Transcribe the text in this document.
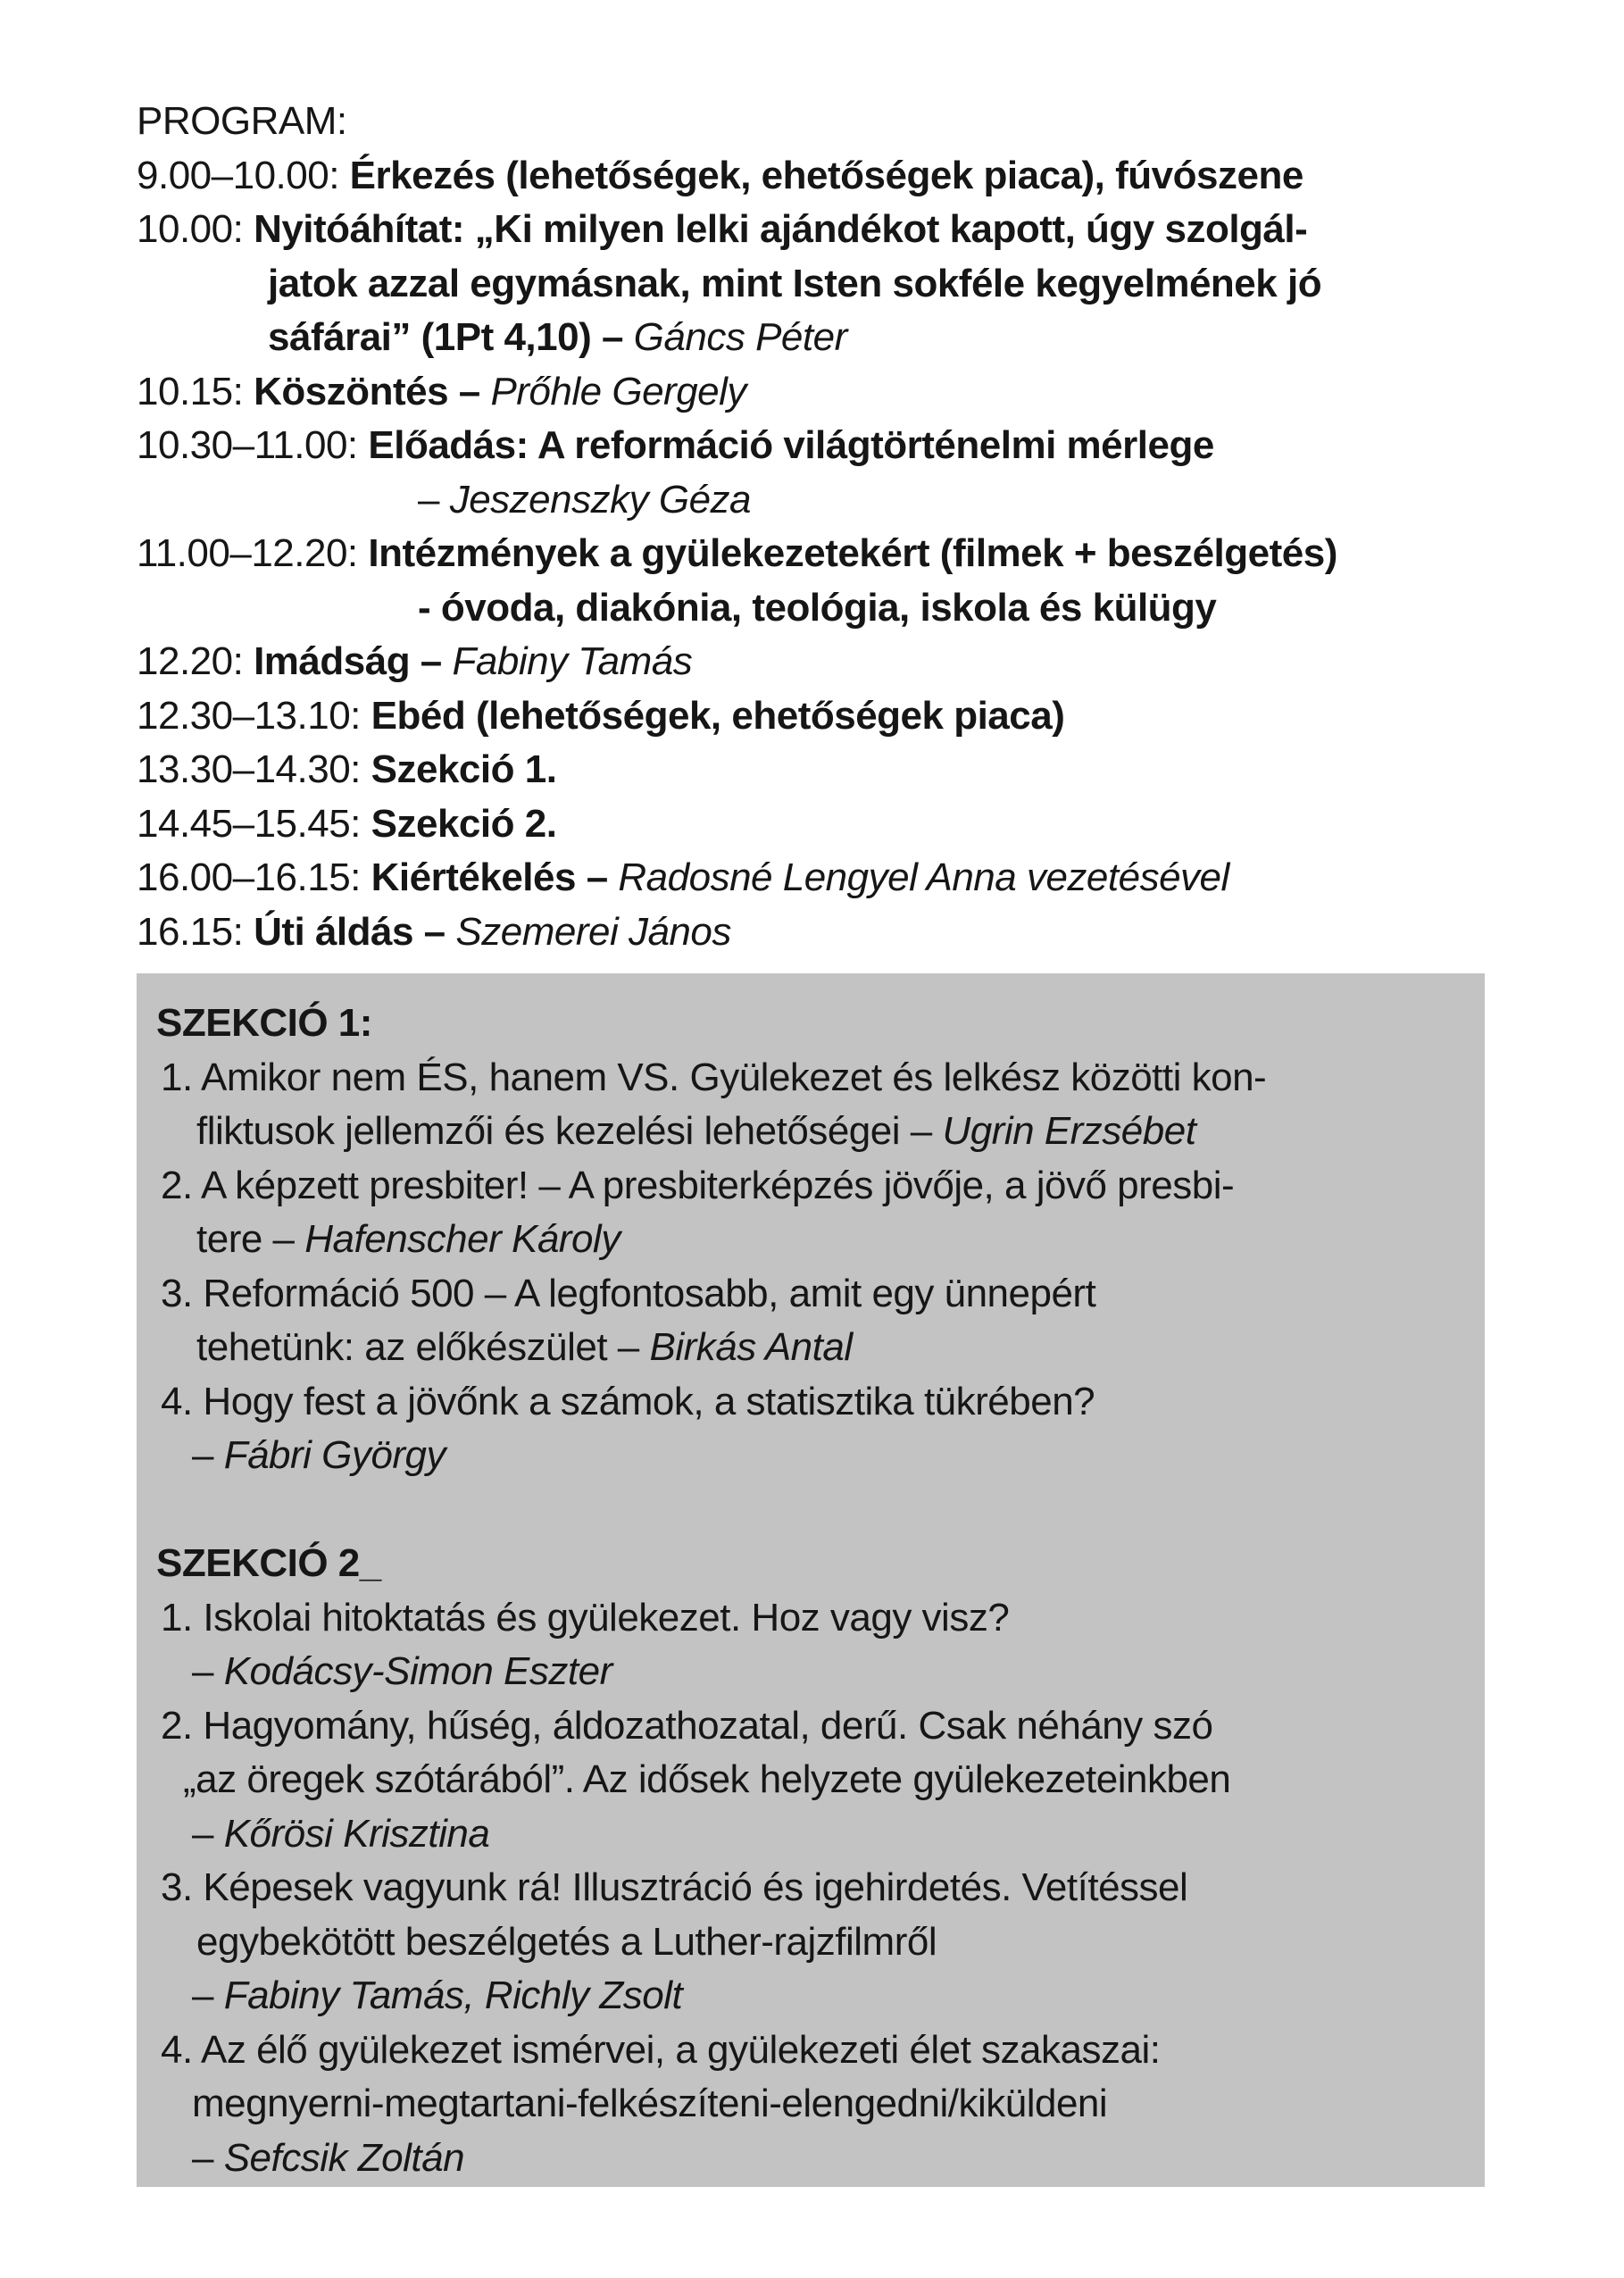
PROGRAM:
9.00–10.00: Érkezés (lehetőségek, ehetőségek piaca), fúvószene
10.00: Nyitóáhítat: „Ki milyen lelki ajándékot kapott, úgy szolgál-
jatok azzal egymásnak, mint Isten sokféle kegyelmének jó
sáfárai” (1Pt 4,10) – Gáncs Péter
10.15: Köszöntés – Prőhle Gergely
10.30–11.00: Előadás: A reformáció világtörténelmi mérlege
– Jeszenszky Géza
11.00–12.20: Intézmények a gyülekezetekért (filmek + beszélgetés)
- óvoda, diakónia, teológia, iskola és külügy
12.20: Imádság – Fabiny Tamás
12.30–13.10: Ebéd (lehetőségek, ehetőségek piaca)
13.30–14.30: Szekció 1.
14.45–15.45: Szekció 2.
16.00–16.15: Kiértékelés – Radosné Lengyel Anna vezetésével
16.15: Úti áldás – Szemerei János
SZEKCIÓ 1:
1. Amikor nem ÉS, hanem VS. Gyülekezet és lelkész közötti kon-
fliktusok jellemzői és kezelési lehetőségei – Ugrin Erzsébet
2. A képzett presbiter! – A presbiterképzés jövője, a jövő presbi-
tere – Hafenscher Károly
3. Reformáció 500 – A legfontosabb, amit egy ünnepért
tehetünk: az előkészület – Birkás Antal
4. Hogy fest a jövőnk a számok, a statisztika tükrében?
– Fábri György
SZEKCIÓ 2_
1. Iskolai hitoktatás és gyülekezet. Hoz vagy visz?
– Kodácsy-Simon Eszter
2. Hagyomány, hűség, áldozathozatal, derű. Csak néhány szó
„az öregek szótárából”. Az idősek helyzete gyülekezeteinkben
– Kőrösi Krisztina
3. Képesek vagyunk rá! Illusztráció és igehirdetés. Vetítéssel
egybekötött beszélgetés a Luther-rajzfilmről
– Fabiny Tamás, Richly Zsolt
4. Az élő gyülekezet ismérvei, a gyülekezeti élet szakaszai:
megnyerni-megtartani-felkészíteni-elengedni/kiküldeni
– Sefcsik Zoltán
